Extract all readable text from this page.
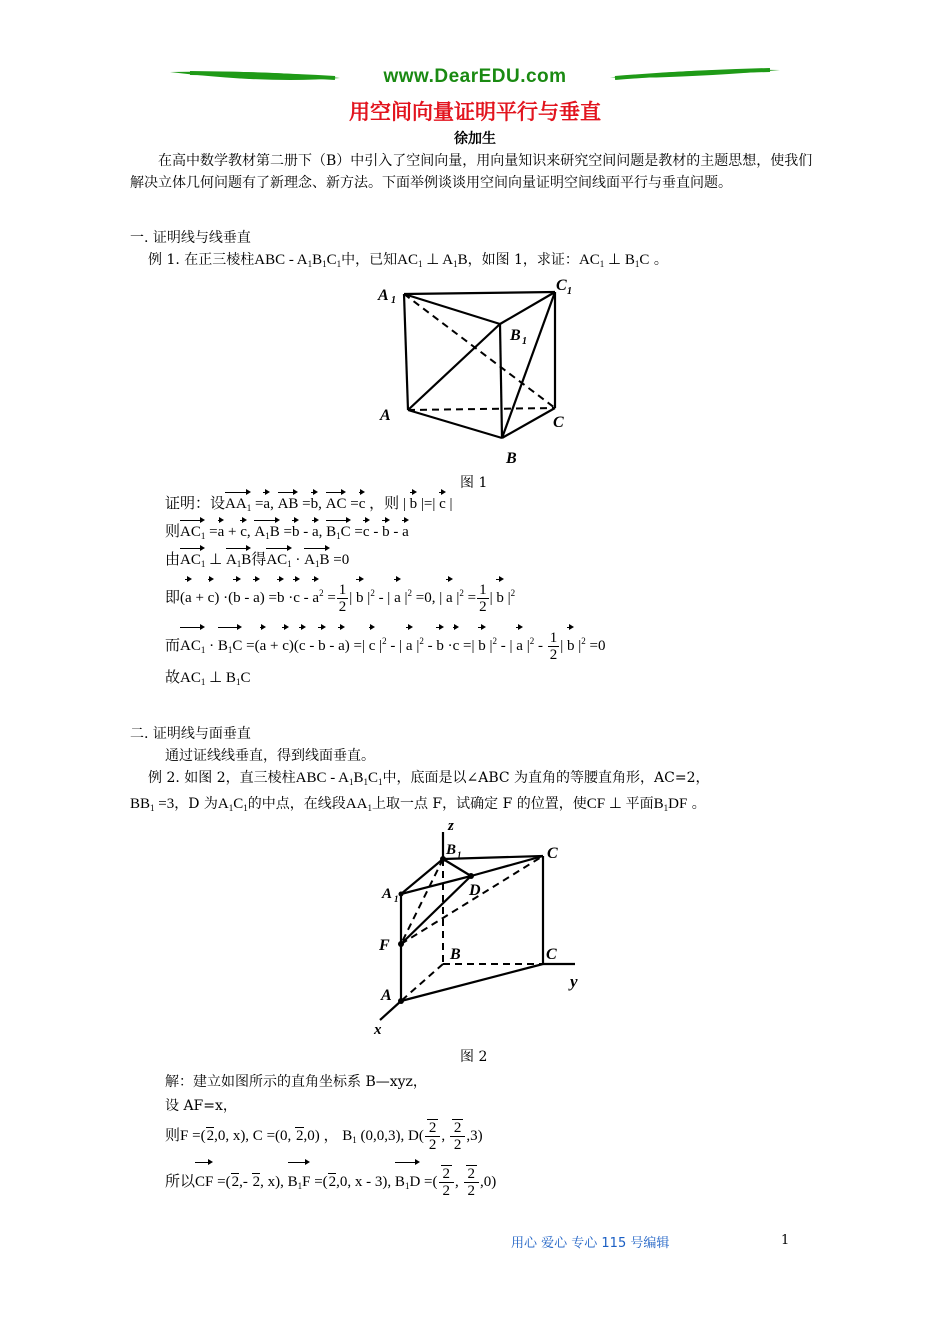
www.DearEDU.com
用空间向量证明平行与垂直
徐加生
在高中数学教材第二册下（B）中引入了空间向量，用向量知识来研究空间问题是教材的主题思想，使我们解决立体几何问题有了新理念、新方法。下面举例谈谈用空间向量证明空间线面平行与垂直问题。
一. 证明线与线垂直
例 1. 在正三棱柱ABC - $A_1B_1C_1$中，已知$AC_1$ ⊥ $A_1B$，如图 1，求证：$AC_1$ ⊥ $B_1C$ 。
A 1
C 1
B 1
A	C
B
图 1
证明：设$AA_1 =a$, AB =b, AC =c ，则 | b |=| c |
则$AC_1 =a + c$, $A_1B =b - a$, $B_1C =c - b - a$
由$AC_1$ ⊥ $A_1B$得$AC_1 \cdot A_1B =0$
即$(a + c) \cdot(b - a) =b \cdot c - a^2 = \frac{1}{2}$ | b $|^2$ - | a $|^2 =0$, | a $|^2 = \frac{1}{2}$ | b $|^2$
而$AC_1 \cdot B_1C =(a + c)(c - b - a)$ =| c $|^2$ - | a $|^2 - b \cdot c$ =| b $|^2$ - | a $|^2 - \frac{1}{2}$ | b $|^2 =0$
故$AC_1$ ⊥ $B_1C$
二. 证明线与面垂直
通过证线线垂直，得到线面垂直。
例 2. 如图 2，直三棱柱ABC - $A_1B_1C_1$中，底面是以∠ABC 为直角的等腰直角形，AC=2，
$BB_1 =3$，D 为$A_1C_1$的中点，在线段$AA_1$上取一点 F，试确定 F 的位置，使CF ⊥ 平面$B_1DF$ 。
z
B 1	C
A 1	D
F
B	C
y
A
x
图 2
解：建立如图所示的直角坐标系 B—xyz，
设 AF=x，
则F =(2,0, x), C =(0, 2,0) ， $B_1$ (0,0,3), $D( \frac{2}{2}$ , $\frac{2}{2} ,3$)
所以CF =(2,- 2, x), $B_1F =(2,0$, x - 3), $B_1D$ =( $\frac{2}{2}$ , $\frac{2}{2} ,0$)
用心 爱心 专心 115 号编辑	1
